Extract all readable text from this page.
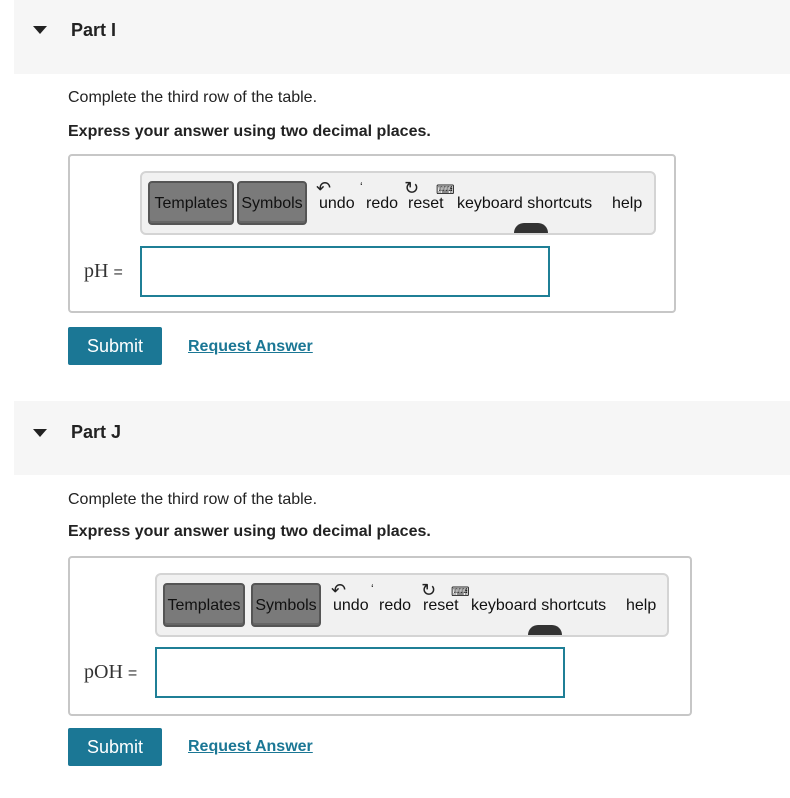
Part I
Complete the third row of the table.
Express your answer using two decimal places.
Templates Symbols
↶
undo
ʻ
redo
↻
reset
⌨
keyboard shortcuts help
pH =
Submit	Request Answer
Part J
Complete the third row of the table.
Express your answer using two decimal places.
Templates Symbols
↶
undo
ʻ
redo
↻
reset
⌨
keyboard shortcuts help
pOH =
Submit	Request Answer
